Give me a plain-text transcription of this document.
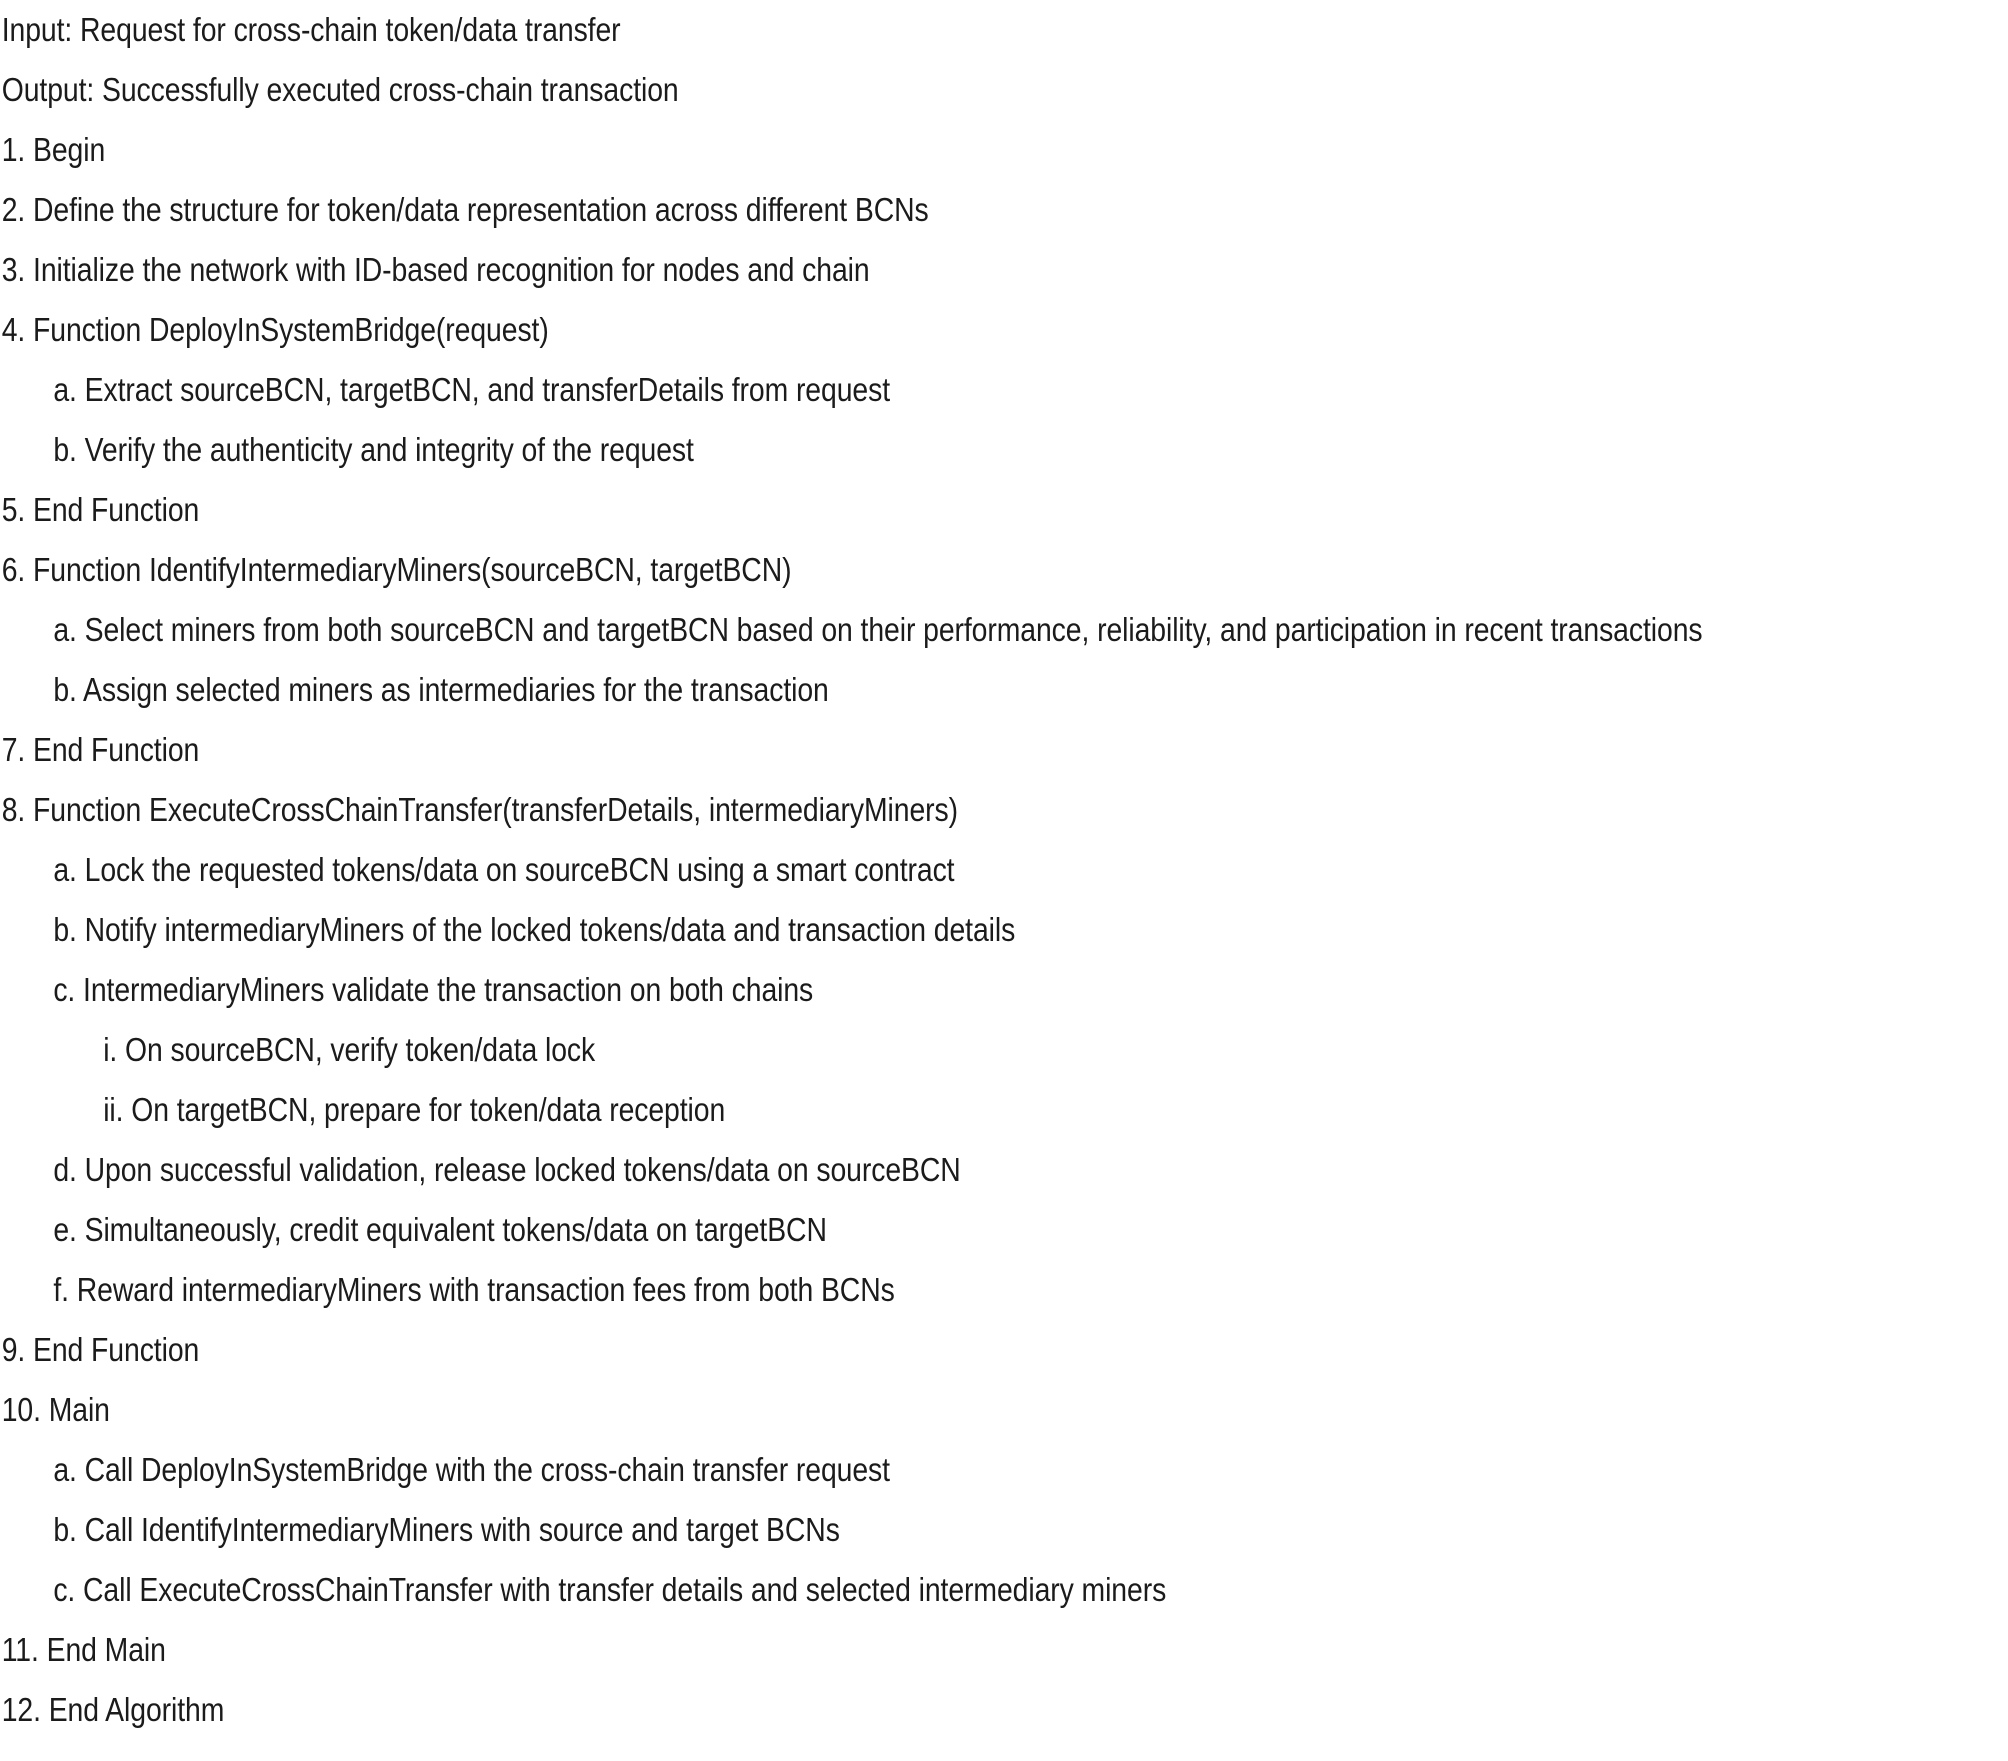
Input: Request for cross-chain token/data transfer
Output: Successfully executed cross-chain transaction
1. Begin
2. Define the structure for token/data representation across different BCNs
3. Initialize the network with ID-based recognition for nodes and chain
4. Function DeployInSystemBridge(request)
a. Extract sourceBCN, targetBCN, and transferDetails from request
b. Verify the authenticity and integrity of the request
5. End Function
6. Function IdentifyIntermediaryMiners(sourceBCN, targetBCN)
a. Select miners from both sourceBCN and targetBCN based on their performance, reliability, and participation in recent transactions
b. Assign selected miners as intermediaries for the transaction
7. End Function
8. Function ExecuteCrossChainTransfer(transferDetails, intermediaryMiners)
a. Lock the requested tokens/data on sourceBCN using a smart contract
b. Notify intermediaryMiners of the locked tokens/data and transaction details
c. IntermediaryMiners validate the transaction on both chains
i. On sourceBCN, verify token/data lock
ii. On targetBCN, prepare for token/data reception
d. Upon successful validation, release locked tokens/data on sourceBCN
e. Simultaneously, credit equivalent tokens/data on targetBCN
f. Reward intermediaryMiners with transaction fees from both BCNs
9. End Function
10. Main
a. Call DeployInSystemBridge with the cross-chain transfer request
b. Call IdentifyIntermediaryMiners with source and target BCNs
c. Call ExecuteCrossChainTransfer with transfer details and selected intermediary miners
11. End Main
12. End Algorithm
